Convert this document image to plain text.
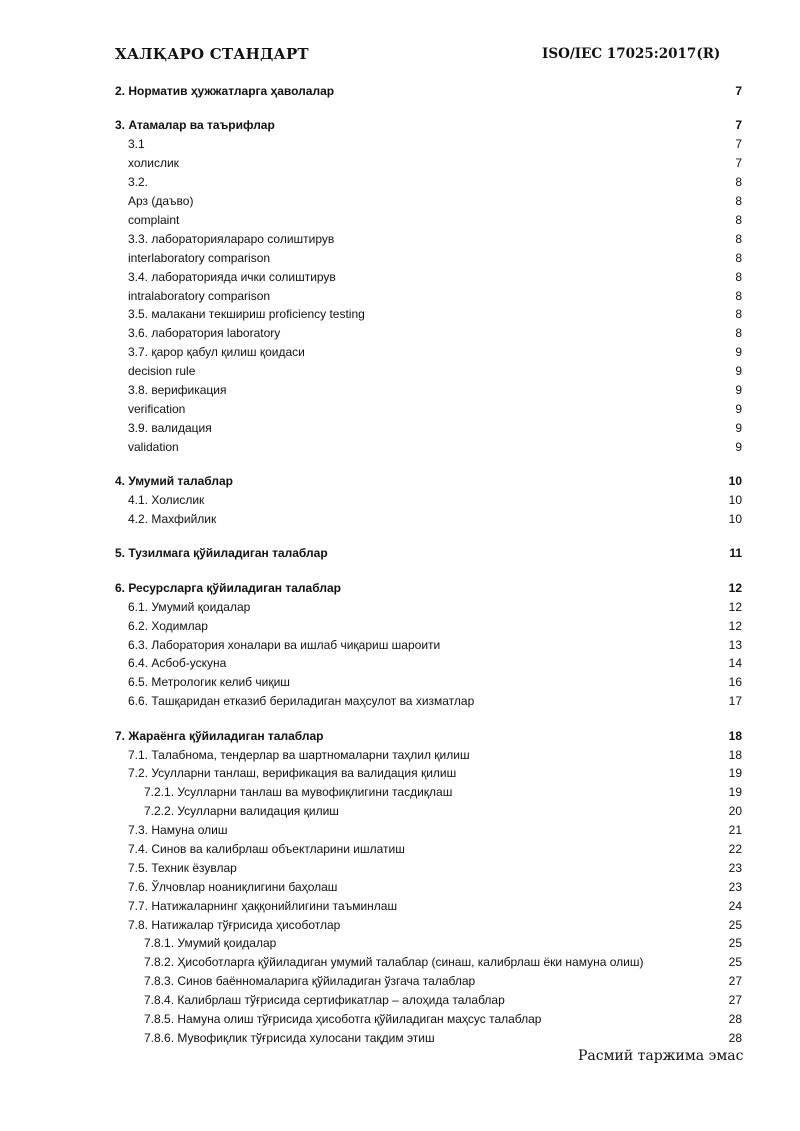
ХАЛҚАРО СТАНДАРТ	ISO/IEC 17025:2017(R)
2. Норматив ҳужжатларга ҳаволалар	7
3. Атамалар ва таърифлар	7
3.1	7
холислик	7
3.2.	8
Арз (даъво)	8
complaint	8
3.3. лабораторияларaро солиштирув	8
interlaboratory comparison	8
3.4. лабораторияда ички солиштирув	8
intralaboratory comparison	8
3.5. малакани текшириш proficiency testing	8
3.6. лаборатория laboratory	8
3.7. қарор қабул қилиш қоидаси	9
decision rule	9
3.8. верификация	9
verification	9
3.9. валидация	9
validation	9
4. Умумий талаблар	10
4.1. Холислик	10
4.2. Махфийлик	10
5. Тузилмага қўйиладиган талаблар	11
6. Ресурсларга қўйиладиган талаблар	12
6.1. Умумий қоидалар	12
6.2. Ходимлар	12
6.3. Лаборатория хоналари ва ишлаб чиқариш шароити	13
6.4. Асбоб-ускуна	14
6.5. Метрологик келиб чиқиш	16
6.6. Ташқаридан етказиб бериладиган маҳсулот ва хизматлар	17
7. Жараёнга қўйиладиган талаблар	18
7.1. Талабнома, тендерлар ва шартномаларни таҳлил қилиш	18
7.2. Усулларни танлаш, верификация ва валидация қилиш	19
7.2.1. Усулларни танлаш ва мувофиқлигини тасдиқлаш	19
7.2.2. Усулларни валидация қилиш	20
7.3. Намуна олиш	21
7.4. Синов ва калибрлаш объектларини ишлатиш	22
7.5. Техник ёзувлар	23
7.6. Ўлчовлар ноаниқлигини баҳолаш	23
7.7. Натижаларнинг ҳаққонийлигини таъминлаш	24
7.8. Натижалар тўғрисида ҳисоботлар	25
7.8.1. Умумий қоидалар	25
7.8.2. Ҳисоботларга қўйиладиган умумий талаблар (синаш, калибрлаш ёки намуна олиш)	25
7.8.3. Синов баённомаларига қўйиладиган ўзгача талаблар	27
7.8.4. Калибрлаш тўғрисида сертификатлар – алоҳида талаблар	27
7.8.5. Намуна олиш тўғрисида ҳисоботга қўйиладиган маҳсус талаблар	28
7.8.6. Мувофиқлик тўғрисида хулосани тақдим этиш	28
Расмий таржима эмас
